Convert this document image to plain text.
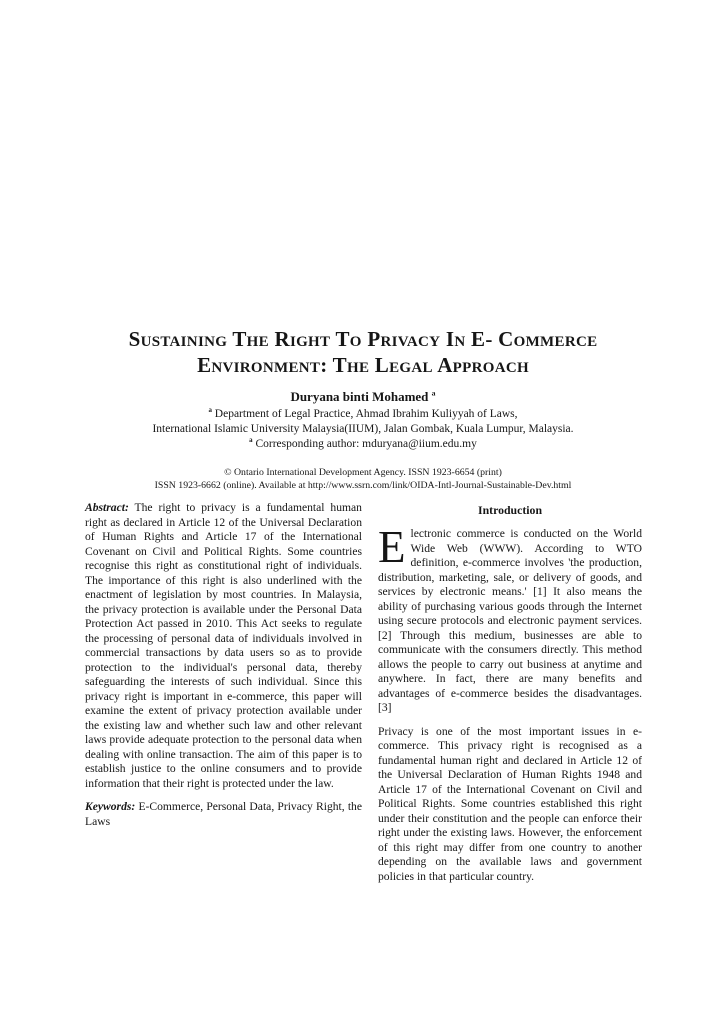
Sustaining The Right To Privacy In E- Commerce
Environment: The Legal Approach

Duryana binti Mohamed $^a$

$^a$ Department of Legal Practice, Ahmad Ibrahim Kuliyyah of Laws,
International Islamic University Malaysia(IIUM), Jalan Gombak, Kuala Lumpur, Malaysia.

$^a$ Corresponding author: mduryana@iium.edu.my

© Ontario International Development Agency. ISSN 1923-6654 (print)
ISSN 1923-6662 (online). Available at http://www.ssrn.com/link/OIDA-Intl-Journal-Sustainable-Dev.html

Abstract: The right to privacy is a fundamental human right as declared in Article 12 of the Universal Declaration of Human Rights and Article 17 of the International Covenant on Civil and Political Rights. Some countries recognise this right as constitutional right of individuals. The importance of this right is also underlined with the enactment of legislation by most countries. In Malaysia, the privacy protection is available under the Personal Data Protection Act passed in 2010. This Act seeks to regulate the processing of personal data of individuals involved in commercial transactions by data users so as to provide protection to the individual's personal data, thereby safeguarding the interests of such individual. Since this privacy right is important in e-commerce, this paper will examine the extent of privacy protection available under the existing law and whether such law and other relevant laws provide adequate protection to the personal data when dealing with online transaction. The aim of this paper is to establish justice to the online consumers and to provide information that their right is protected under the law.

Keywords: E-Commerce, Personal Data, Privacy Right, the Laws

Introduction

Electronic commerce is conducted on the World Wide Web (WWW). According to WTO definition, e-commerce involves 'the production, distribution, marketing, sale, or delivery of goods, and services by electronic means.' [1] It also means the ability of purchasing various goods through the Internet using secure protocols and electronic payment services. [2] Through this medium, businesses are able to communicate with the consumers directly. This method allows the people to carry out business at anytime and anywhere. In fact, there are many benefits and advantages of e-commerce besides the disadvantages. [3]

Privacy is one of the most important issues in e-commerce. This privacy right is recognised as a fundamental human right and declared in Article 12 of the Universal Declaration of Human Rights 1948 and Article 17 of the International Covenant on Civil and Political Rights. Some countries established this right under their constitution and the people can enforce their right under the existing laws. However, the enforcement of this right may differ from one country to another depending on the available laws and government policies in that particular country.
